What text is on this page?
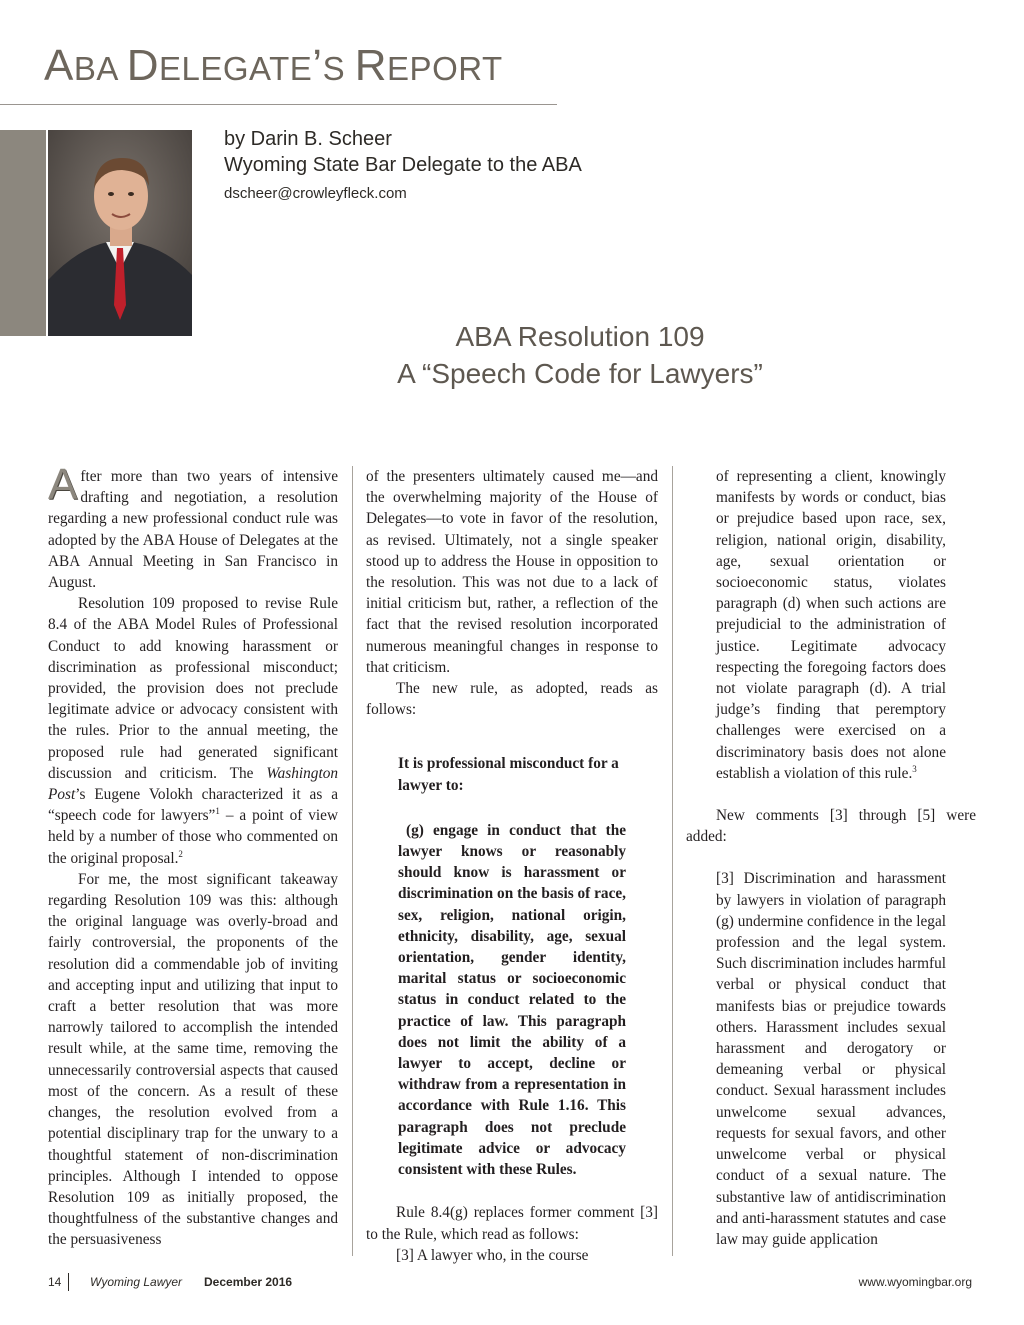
ABA DELEGATE’S REPORT
by Darin B. Scheer
Wyoming State Bar Delegate to the ABA
dscheer@crowleyfleck.com
ABA Resolution 109
A “Speech Code for Lawyers”

After more than two years of intensive drafting and negotiation, a resolution regarding a new professional conduct rule was adopted by the ABA House of Delegates at the ABA Annual Meeting in San Francisco in August.

Resolution 109 proposed to revise Rule 8.4 of the ABA Model Rules of Professional Conduct to add knowing harassment or discrimination as professional misconduct; provided, the provision does not preclude legitimate advice or advocacy consistent with the rules. Prior to the annual meeting, the proposed rule had generated significant discussion and criticism. The Washington Post’s Eugene Volokh characterized it as a “speech code for lawyers”$^1$ – a point of view held by a number of those who commented on the original proposal.$^2$

For me, the most significant takeaway regarding Resolution 109 was this: although the original language was overly-broad and fairly controversial, the proponents of the resolution did a commendable job of inviting and accepting input and utilizing that input to craft a better resolution that was more narrowly tailored to accomplish the intended result while, at the same time, removing the unnecessarily controversial aspects that caused most of the concern. As a result of these changes, the resolution evolved from a potential disciplinary trap for the unwary to a thoughtful statement of non-discrimination principles. Although I intended to oppose Resolution 109 as initially proposed, the thoughtfulness of the substantive changes and the persuasiveness

of the presenters ultimately caused me—and the overwhelming majority of the House of Delegates—to vote in favor of the resolution, as revised. Ultimately, not a single speaker stood up to address the House in opposition to the resolution. This was not due to a lack of initial criticism but, rather, a reflection of the fact that the revised resolution incorporated numerous meaningful changes in response to that criticism.

The new rule, as adopted, reads as follows:

It is professional misconduct for a lawyer to:

(g) engage in conduct that the lawyer knows or reasonably should know is harassment or discrimination on the basis of race, sex, religion, national origin, ethnicity, disability, age, sexual orientation, gender identity, marital status or socioeconomic status in conduct related to the practice of law. This paragraph does not limit the ability of a lawyer to accept, decline or withdraw from a representation in accordance with Rule 1.16. This paragraph does not preclude legitimate advice or advocacy consistent with these Rules.

Rule 8.4(g) replaces former comment [3] to the Rule, which read as follows:

[3] A lawyer who, in the course

of representing a client, knowingly manifests by words or conduct, bias or prejudice based upon race, sex, religion, national origin, disability, age, sexual orientation or socioeconomic status, violates paragraph (d) when such actions are prejudicial to the administration of justice. Legitimate advocacy respecting the foregoing factors does not violate paragraph (d). A trial judge’s finding that peremptory challenges were exercised on a discriminatory basis does not alone establish a violation of this rule.$^3$

New comments [3] through [5] were added:

[3] Discrimination and harassment by lawyers in violation of paragraph (g) undermine confidence in the legal profession and the legal system. Such discrimination includes harmful verbal or physical conduct that manifests bias or prejudice towards others. Harassment includes sexual harassment and derogatory or demeaning verbal or physical conduct. Sexual harassment includes unwelcome sexual advances, requests for sexual favors, and other unwelcome verbal or physical conduct of a sexual nature. The substantive law of antidiscrimination and anti-harassment statutes and case law may guide application

14 Wyoming Lawyer December 2016	www.wyomingbar.org
